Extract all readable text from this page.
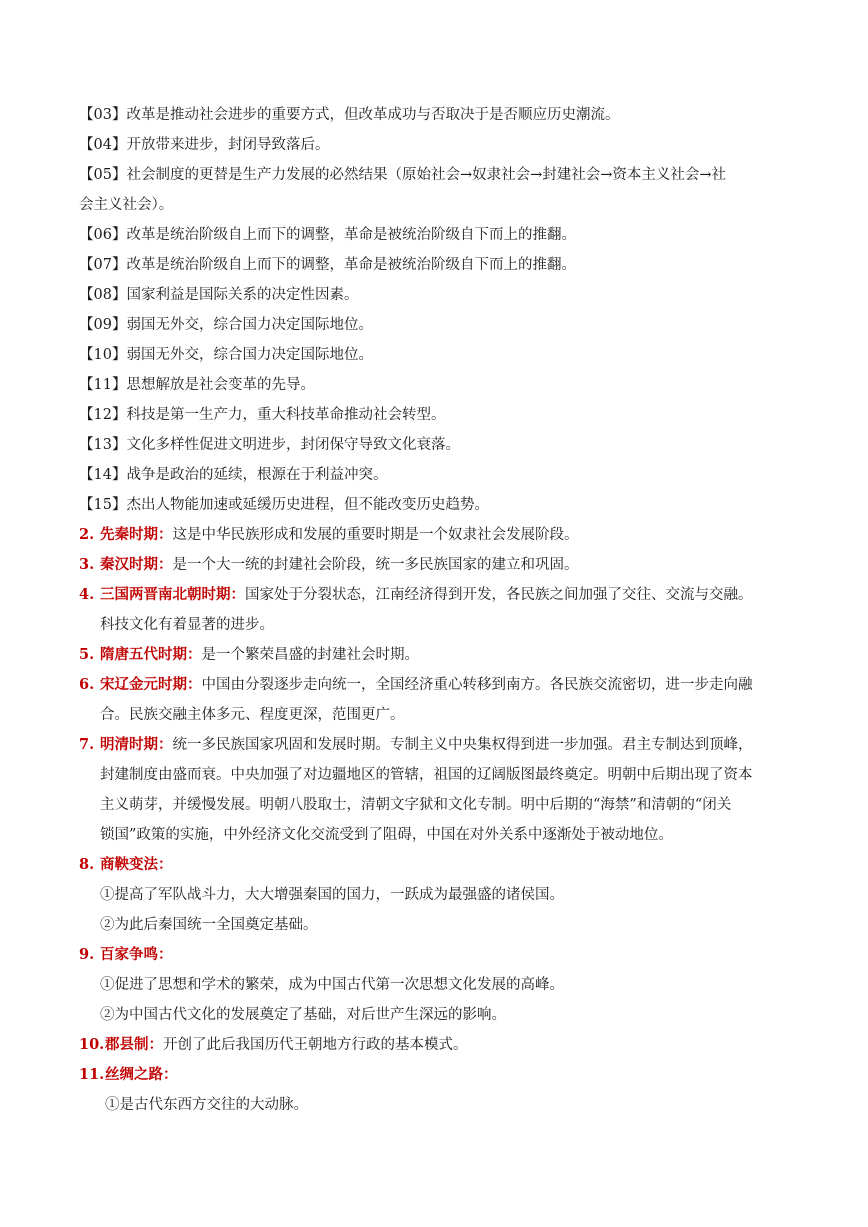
【03】改革是推动社会进步的重要方式，但改革成功与否取决于是否顺应历史潮流。
【04】开放带来进步，封闭导致落后。
【05】社会制度的更替是生产力发展的必然结果（原始社会→奴隶社会→封建社会→资本主义社会→社
会主义社会）。
【06】改革是统治阶级自上而下的调整，革命是被统治阶级自下而上的推翻。
【07】改革是统治阶级自上而下的调整，革命是被统治阶级自下而上的推翻。
【08】国家利益是国际关系的决定性因素。
【09】弱国无外交，综合国力决定国际地位。
【10】弱国无外交，综合国力决定国际地位。
【11】思想解放是社会变革的先导。
【12】科技是第一生产力，重大科技革命推动社会转型。
【13】文化多样性促进文明进步，封闭保守导致文化衰落。
【14】战争是政治的延续，根源在于利益冲突。
【15】杰出人物能加速或延缓历史进程，但不能改变历史趋势。
2. 先秦时期：这是中华民族形成和发展的重要时期是一个奴隶社会发展阶段。
3. 秦汉时期：是一个大一统的封建社会阶段，统一多民族国家的建立和巩固。
4. 三国两晋南北朝时期：国家处于分裂状态，江南经济得到开发，各民族之间加强了交往、交流与交融。
科技文化有着显著的进步。
5. 隋唐五代时期：是一个繁荣昌盛的封建社会时期。
6. 宋辽金元时期：中国由分裂逐步走向统一，全国经济重心转移到南方。各民族交流密切，进一步走向融
合。民族交融主体多元、程度更深，范围更广。
7. 明清时期：统一多民族国家巩固和发展时期。专制主义中央集权得到进一步加强。君主专制达到顶峰，
封建制度由盛而衰。中央加强了对边疆地区的管辖，祖国的辽阔版图最终奠定。明朝中后期出现了资本
主义萌芽，并缓慢发展。明朝八股取士，清朝文字狱和文化专制。明中后期的“海禁”和清朝的“闭关
锁国”政策的实施，中外经济文化交流受到了阻碍，中国在对外关系中逐渐处于被动地位。
8. 商鞅变法：
①提高了军队战斗力，大大增强秦国的国力，一跃成为最强盛的诸侯国。
②为此后秦国统一全国奠定基础。
9. 百家争鸣：
①促进了思想和学术的繁荣，成为中国古代第一次思想文化发展的高峰。
②为中国古代文化的发展奠定了基础，对后世产生深远的影响。
10. 郡县制：开创了此后我国历代王朝地方行政的基本模式。
11. 丝绸之路：
①是古代东西方交往的大动脉。
